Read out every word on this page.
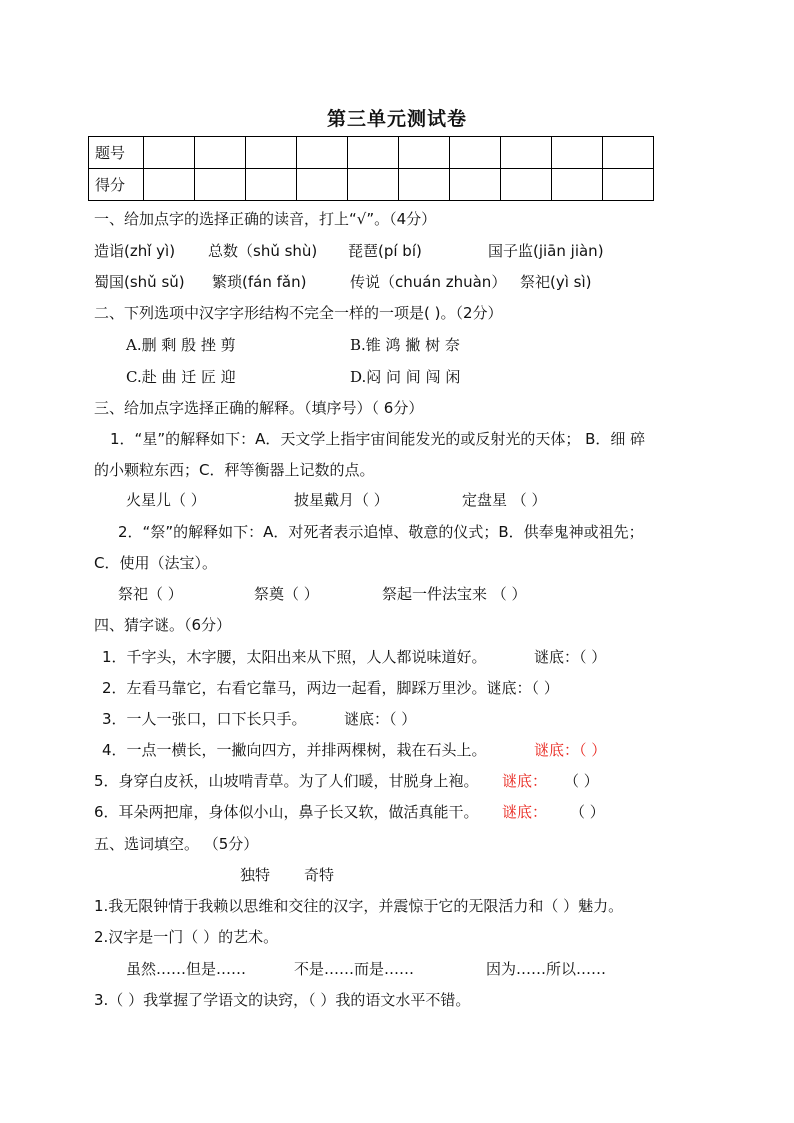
第三单元测试卷
题号										
得分										
一、给加点字的选择正确的读音，打上“√”。（4分）
造诣(zhǐ yì) 总数（shǔ shù) 琵琶(pí bí)	国子监(jiān jiàn)
蜀国(shǔ sǔ) 繁琐(fán fǎn)	传说（chuán zhuàn） 祭祀(yì sì)
二、下列选项中汉字字形结构不完全一样的一项是( )。（2分）
A.删 剩 殷 挫 剪	B.锥 鸿 撇 树 奈
C.赴 曲 迁 匠 迎	D.闷 问 间 闯 闲
三、给加点字选择正确的解释。（填序号）（ 6分）
1．“星”的解释如下：A．天文学上指宇宙间能发光的或反射光的天体； B．细 碎
的小颗粒东西；C．秤等衡器上记数的点。
火星儿（ ）	披星戴月（ ）	定盘星 （ ）
2．“祭”的解释如下：A．对死者表示追悼、敬意的仪式；B．供奉鬼神或祖先；
C．使用（法宝）。
祭祀（ ）	祭奠（ ）	祭起一件法宝来 （ ）
四、猜字谜。（6分）
1．千字头，木字腰，太阳出来从下照，人人都说味道好。	谜底：（ ）
2．左看马靠它，右看它靠马，两边一起看，脚踩万里沙。谜底：（ ）
3．一人一张口，口下长只手。 谜底：（ ）
4．一点一横长，一撇向四方，并排两棵树，栽在石头上。	谜底：（ ）
5．身穿白皮袄，山坡啃青草。为了人们暖，甘脱身上袍。 谜底： （ ）
6．耳朵两把扉，身体似小山，鼻子长又软，做活真能干。 谜底： （ ）
五、选词填空。 （5分）
独特 奇特
1.我无限钟情于我赖以思维和交往的汉字，并震惊于它的无限活力和（ ）魅力。
2.汉字是一门（ ）的艺术。
虽然……但是……	不是……而是……	因为……所以……
3.（ ）我掌握了学语文的诀窍，（ ）我的语文水平不错。
